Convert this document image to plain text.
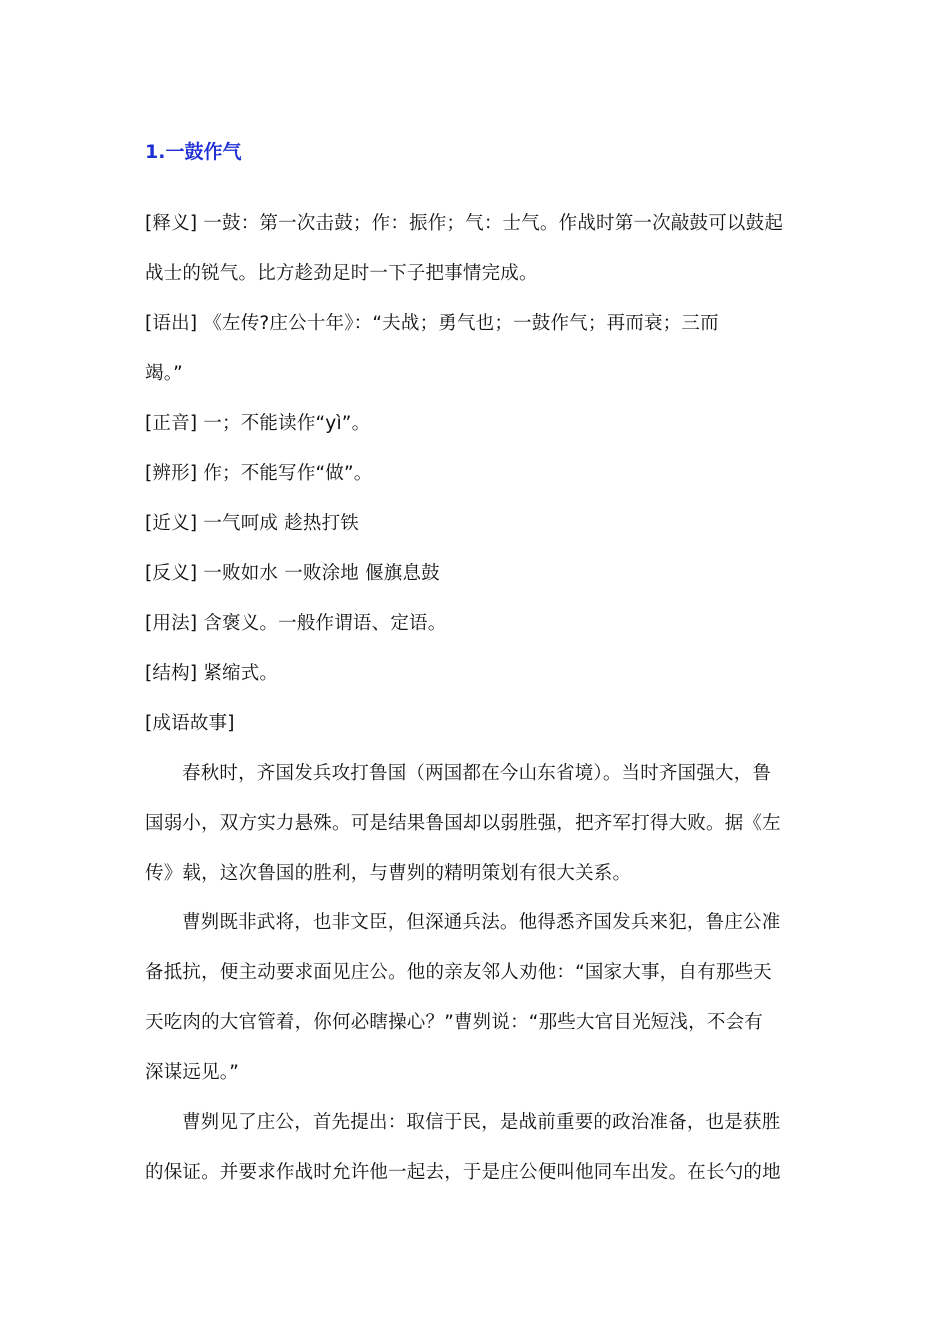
1.一鼓作气
[释义] 一鼓：第一次击鼓；作：振作；气：士气。作战时第一次敲鼓可以鼓起
战士的锐气。比方趁劲足时一下子把事情完成。
[语出] 《左传?庄公十年》：“夫战；勇气也；一鼓作气；再而衰；三而
竭。”
[正音] 一；不能读作“yì”。
[辨形] 作；不能写作“做”。
[近义] 一气呵成 趁热打铁
[反义] 一败如水 一败涂地 偃旗息鼓
[用法] 含褒义。一般作谓语、定语。
[结构] 紧缩式。
[成语故事]
春秋时，齐国发兵攻打鲁国（两国都在今山东省境）。当时齐国强大，鲁
国弱小，双方实力悬殊。可是结果鲁国却以弱胜强，把齐军打得大败。据《左
传》载，这次鲁国的胜利，与曹刿的精明策划有很大关系。
曹刿既非武将，也非文臣，但深通兵法。他得悉齐国发兵来犯，鲁庄公准
备抵抗，便主动要求面见庄公。他的亲友邻人劝他：“国家大事，自有那些天
天吃肉的大官管着，你何必瞎操心？”曹刿说：“那些大官目光短浅，不会有
深谋远见。”
曹刿见了庄公，首先提出：取信于民，是战前重要的政治准备，也是获胜
的保证。并要求作战时允许他一起去，于是庄公便叫他同车出发。在长勺的地
